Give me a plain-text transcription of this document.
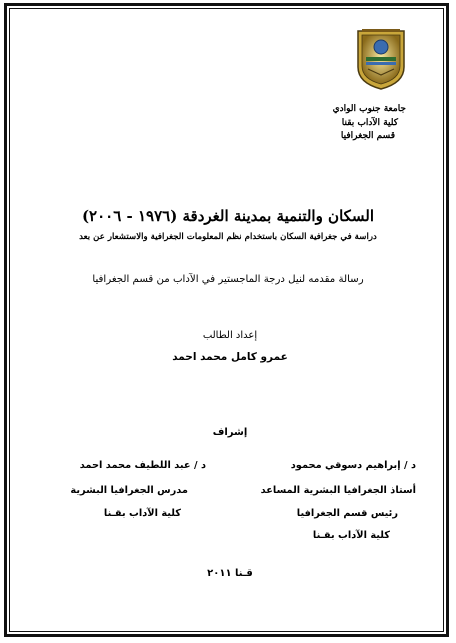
جامعة جنوب الوادي
كلية الآداب بقنا
قسم الجغرافيا
السكان والتنمية بمدينة الغردقة (١٩٧٦ - ٢٠٠٦)
دراسة في جغرافية السكان باستخدام نظم المعلومات الجغرافية والاستشعار عن بعد
رسالة مقدمه لنيل درجة الماجستير في الآداب من قسم الجغرافيا
إعداد الطالب
عمرو كامل محمد احمد
إشراف
د / إبراهيم دسوقي محمود
أستاذ الجغرافيا البشرية المساعد
رئيس قسم الجغرافيا
كلية الآداب بقـنا
د / عبد اللطيف محمد احمد
مدرس الجغرافيا البشرية
كلية الآداب بقـنا
قـنا ٢٠١١
